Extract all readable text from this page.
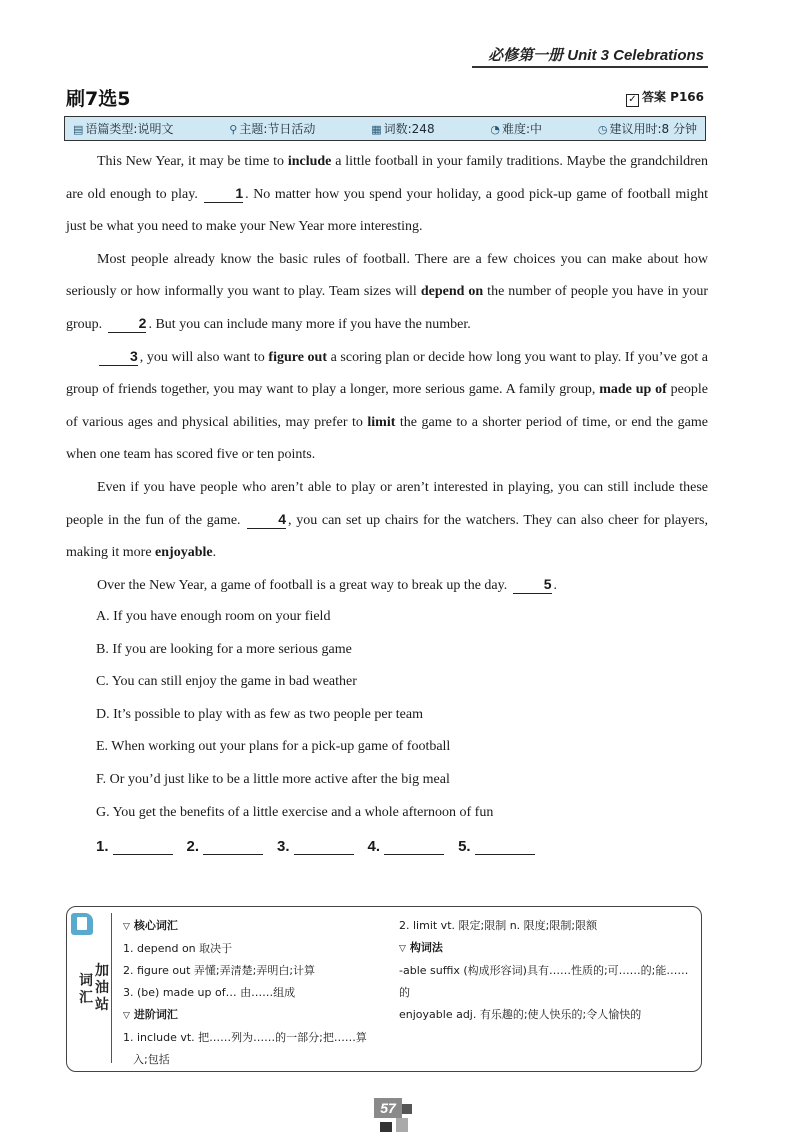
必修第一册 Unit 3 Celebrations
刷7选5	✓ 答案 P166
▤ 语篇类型:说明文	⚲ 主题:节日活动	▦ 词数:248	◔ 难度:中	◷ 建议用时:8 分钟

This New Year, it may be time to include a little football in your family traditions. Maybe the grandchildren are old enough to play. 1 . No matter how you spend your holiday, a good pick-up game of football might just be what you need to make your New Year more interesting.

Most people already know the basic rules of football. There are a few choices you can make about how seriously or how informally you want to play. Team sizes will depend on the number of people you have in your group. 2 . But you can include many more if you have the number.

3 , you will also want to figure out a scoring plan or decide how long you want to play. If you’ve got a group of friends together, you may want to play a longer, more serious game. A family group, made up of people of various ages and physical abilities, may prefer to limit the game to a shorter period of time, or end the game when one team has scored five or ten points.

Even if you have people who aren’t able to play or aren’t interested in playing, you can still include these people in the fun of the game. 4 , you can set up chairs for the watchers. They can also cheer for players, making it more enjoyable.

Over the New Year, a game of football is a great way to break up the day. 5 .

A. If you have enough room on your field
B. If you are looking for a more serious game
C. You can still enjoy the game in bad weather
D. It’s possible to play with as few as two people per team
E. When working out your plans for a pick-up game of football
F. Or you’d just like to be a little more active after the big meal
G. You get the benefits of a little exercise and a whole afternoon of fun
1.	2.	3.	4.	5.
词
汇
加
油
站
▽ 核心词汇
1. depend on 取决于
2. figure out 弄懂;弄清楚;弄明白;计算
3. (be) made up of… 由……组成
▽ 进阶词汇
1. include vt. 把……列为……的一部分;把……算
入;包括
2. limit vt. 限定;限制 n. 限度;限制;限额
▽ 构词法
-able suffix (构成形容词)具有……性质的;可……的;能……的
enjoyable adj. 有乐趣的;使人快乐的;令人愉快的
57
